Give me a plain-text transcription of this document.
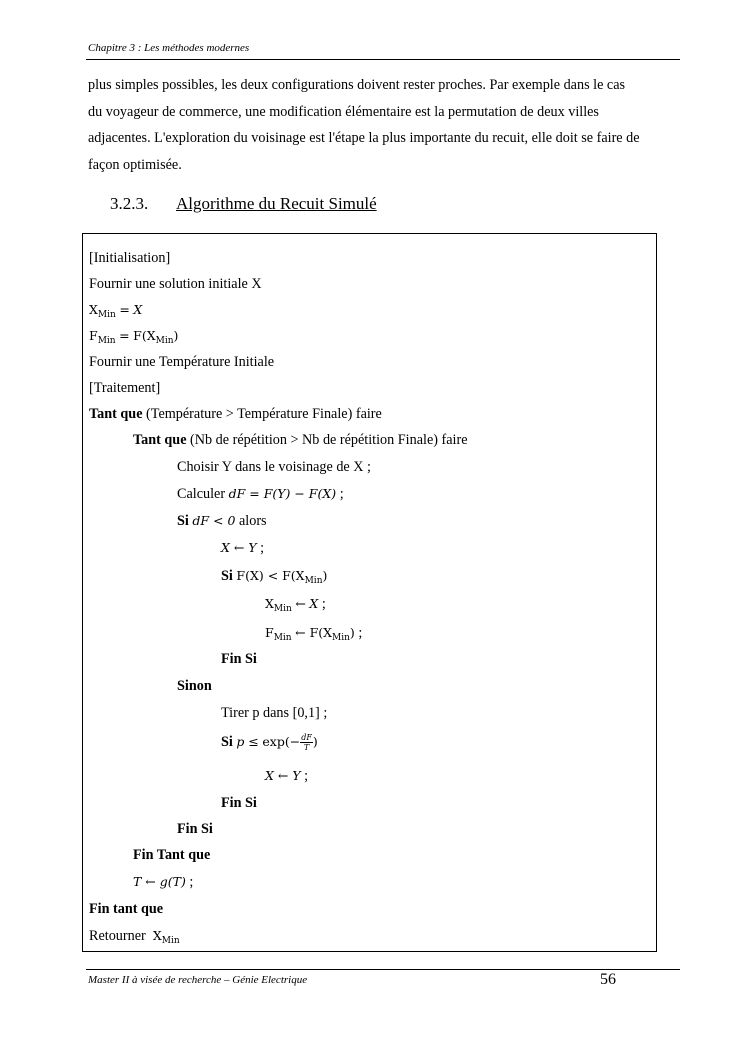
Chapitre 3 : Les méthodes modernes

plus simples possibles, les deux configurations doivent rester proches. Par exemple dans le cas

du voyageur de commerce, une modification élémentaire est la permutation de deux villes

adjacentes. L'exploration du voisinage est l'étape la plus importante du recuit, elle doit se faire de

façon optimisée.

3.2.3. Algorithme du Recuit Simulé
[Initialisation]
Fournir une solution initiale X
$X_{Min} = X$
$F_{Min} = F(X_{Min})$
Fournir une Température Initiale
[Traitement]
Tant que (Température > Température Finale) faire
Tant que (Nb de répétition > Nb de répétition Finale) faire
Choisir Y dans le voisinage de X ;
Calculer dF = F(Y) − F(X) ;
Si dF < 0 alors
X ← Y ;
Si $F(X) < F(X_{Min})$
$X_{Min}$ ← X ;
$F_{Min}$ ← $F(X_{Min})$ ;
Fin Si
Sinon
Tirer p dans [0,1] ;
Si $p \le \exp(- \frac{dF}{T}$ )
X ← Y ;
Fin Si
Fin Si
Fin Tant que
T ← g(T) ;
Fin tant que
Retourner $X_{Min}$
Master II à visée de recherche – Génie Electrique	56
